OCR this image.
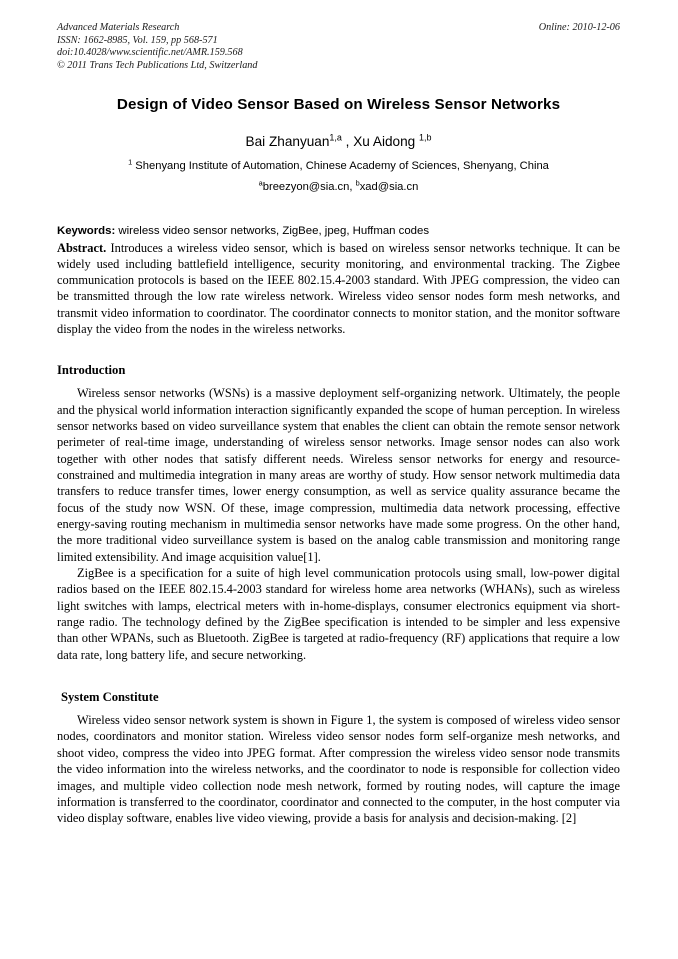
Online: 2010-12-06
Advanced Materials Research
ISSN: 1662-8985, Vol. 159, pp 568-571
doi:10.4028/www.scientific.net/AMR.159.568
© 2011 Trans Tech Publications Ltd, Switzerland
Design of Video Sensor Based on Wireless Sensor Networks
Bai Zhanyuan$^{1,a}$ , Xu Aidong $^{1,b}$
$^1$ Shenyang Institute of Automation, Chinese Academy of Sciences, Shenyang, China
$^a$breezyon@sia.cn, $^b$xad@sia.cn
Keywords: wireless video sensor networks, ZigBee, jpeg, Huffman codes
Abstract. Introduces a wireless video sensor, which is based on wireless sensor networks technique. It can be widely used including battlefield intelligence, security monitoring, and environmental tracking. The Zigbee communication protocols is based on the IEEE 802.15.4-2003 standard. With JPEG compression, the video can be transmitted through the low rate wireless network. Wireless video sensor nodes form mesh networks, and transmit video information to coordinator. The coordinator connects to monitor station, and the monitor software display the video from the nodes in the wireless networks.
Introduction

Wireless sensor networks (WSNs) is a massive deployment self-organizing network. Ultimately, the people and the physical world information interaction significantly expanded the scope of human perception. In wireless sensor networks based on video surveillance system that enables the client can obtain the remote sensor network perimeter of real-time image, understanding of wireless sensor networks. Image sensor nodes can also work together with other nodes that satisfy different needs. Wireless sensor networks for energy and resource-constrained and multimedia integration in many areas are worthy of study. How sensor network multimedia data transfers to reduce transfer times, lower energy consumption, as well as service quality assurance became the focus of the study now WSN. Of these, image compression, multimedia data network processing, effective energy-saving routing mechanism in multimedia sensor networks have made some progress. On the other hand, the more traditional video surveillance system is based on the analog cable transmission and monitoring range limited extensibility. And image acquisition value[1].

ZigBee is a specification for a suite of high level communication protocols using small, low-power digital radios based on the IEEE 802.15.4-2003 standard for wireless home area networks (WHANs), such as wireless light switches with lamps, electrical meters with in-home-displays, consumer electronics equipment via short-range radio. The technology defined by the ZigBee specification is intended to be simpler and less expensive than other WPANs, such as Bluetooth. ZigBee is targeted at radio-frequency (RF) applications that require a low data rate, long battery life, and secure networking.

System Constitute

Wireless video sensor network system is shown in Figure 1, the system is composed of wireless video sensor nodes, coordinators and monitor station. Wireless video sensor nodes form self-organize mesh networks, and shoot video, compress the video into JPEG format. After compression the wireless video sensor node transmits the video information into the wireless networks, and the coordinator to node is responsible for collection video images, and multiple video collection node mesh network, formed by routing nodes, will capture the image information is transferred to the coordinator, coordinator and connected to the computer, in the host computer via video display software, enables live video viewing, provide a basis for analysis and decision-making. [2]
